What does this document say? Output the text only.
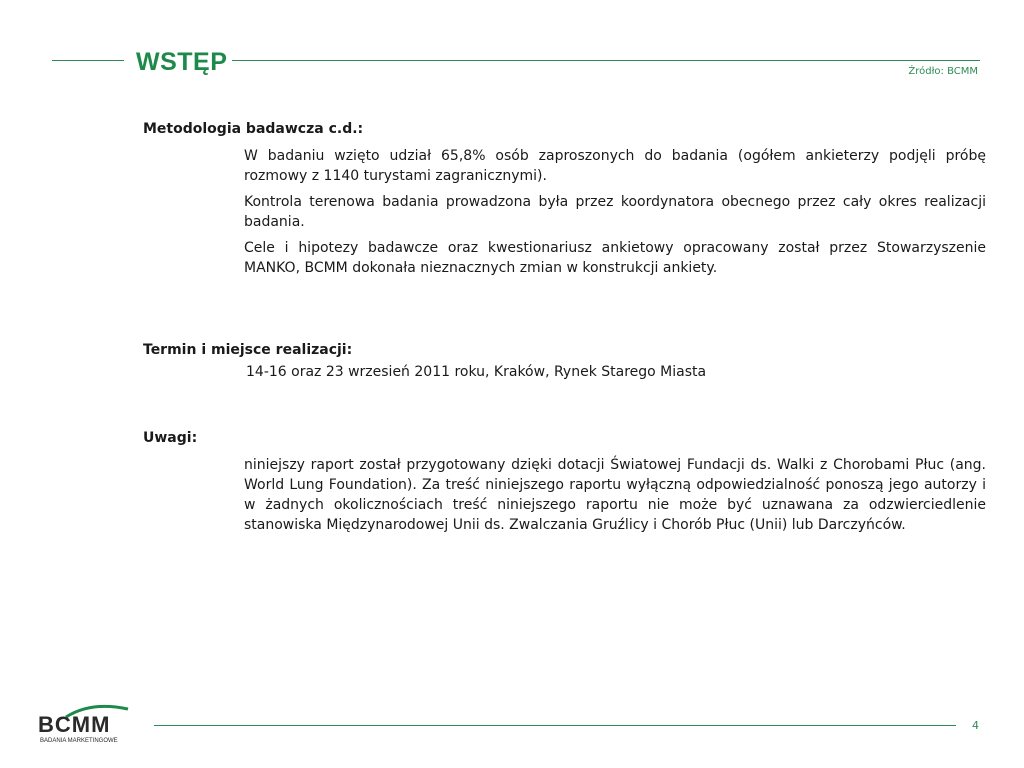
WSTĘP	Źródło: BCMM

Metodologia badawcza c.d.:

W badaniu wzięto udział 65,8% osób zaproszonych do badania (ogółem ankieterzy podjęli próbę rozmowy z 1140 turystami zagranicznymi).

Kontrola terenowa badania prowadzona była przez koordynatora obecnego przez cały okres realizacji badania.

Cele i hipotezy badawcze oraz kwestionariusz ankietowy opracowany został przez Stowarzyszenie MANKO, BCMM dokonała nieznacznych zmian w konstrukcji ankiety.

Termin i miejsce realizacji:

14-16 oraz 23 wrzesień 2011 roku, Kraków, Rynek Starego Miasta

Uwagi:

niniejszy raport został przygotowany dzięki dotacji Światowej Fundacji ds. Walki z Chorobami Płuc (ang. World Lung Foundation). Za treść niniejszego raportu wyłączną odpowiedzialność ponoszą jego autorzy i w żadnych okolicznościach treść niniejszego raportu nie może być uznawana za odzwierciedlenie stanowiska Międzynarodowej Unii ds. Zwalczania Gruźlicy i Chorób Płuc (Unii) lub Darczyńców.

BCMM
BADANIA MARKETINGOWE
4
